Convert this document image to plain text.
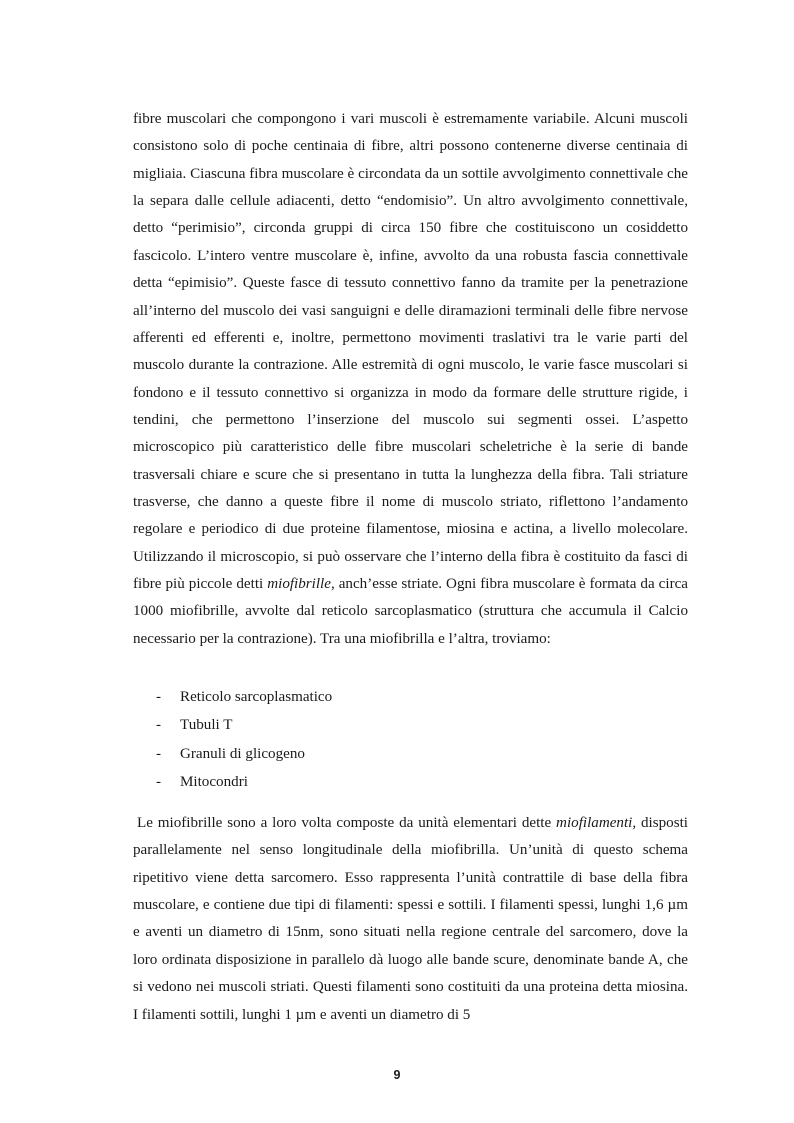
fibre muscolari che compongono i vari muscoli è estremamente variabile. Alcuni muscoli consistono solo di poche centinaia di fibre, altri possono contenerne diverse centinaia di migliaia. Ciascuna fibra muscolare è circondata da un sottile avvolgimento connettivale che la separa dalle cellule adiacenti, detto “endomisio”. Un altro avvolgimento connettivale, detto “perimisio”, circonda gruppi di circa 150 fibre che costituiscono un cosiddetto fascicolo. L’intero ventre muscolare è, infine, avvolto da una robusta fascia connettivale detta “epimisio”. Queste fasce di tessuto connettivo fanno da tramite per la penetrazione all’interno del muscolo dei vasi sanguigni e delle diramazioni terminali delle fibre nervose afferenti ed efferenti e, inoltre, permettono movimenti traslativi tra le varie parti del muscolo durante la contrazione. Alle estremità di ogni muscolo, le varie fasce muscolari si fondono e il tessuto connettivo si organizza in modo da formare delle strutture rigide, i tendini, che permettono l’inserzione del muscolo sui segmenti ossei. L’aspetto microscopico più caratteristico delle fibre muscolari scheletriche è la serie di bande trasversali chiare e scure che si presentano in tutta la lunghezza della fibra. Tali striature trasverse, che danno a queste fibre il nome di muscolo striato, riflettono l’andamento regolare e periodico di due proteine filamentose, miosina e actina, a livello molecolare. Utilizzando il microscopio, si può osservare che l’interno della fibra è costituito da fasci di fibre più piccole detti miofibrille, anch’esse striate. Ogni fibra muscolare è formata da circa 1000 miofibrille, avvolte dal reticolo sarcoplasmatico (struttura che accumula il Calcio necessario per la contrazione). Tra una miofibrilla e l’altra, troviamo:

- Reticolo sarcoplasmatico
- Tubuli T
- Granuli di glicogeno
- Mitocondri

Le miofibrille sono a loro volta composte da unità elementari dette miofilamenti, disposti parallelamente nel senso longitudinale della miofibrilla. Un’unità di questo schema ripetitivo viene detta sarcomero. Esso rappresenta l’unità contrattile di base della fibra muscolare, e contiene due tipi di filamenti: spessi e sottili. I filamenti spessi, lunghi 1,6 µm e aventi un diametro di 15nm, sono situati nella regione centrale del sarcomero, dove la loro ordinata disposizione in parallelo dà luogo alle bande scure, denominate bande A, che si vedono nei muscoli striati. Questi filamenti sono costituiti da una proteina detta miosina. I filamenti sottili, lunghi 1 µm e aventi un diametro di 5

9
